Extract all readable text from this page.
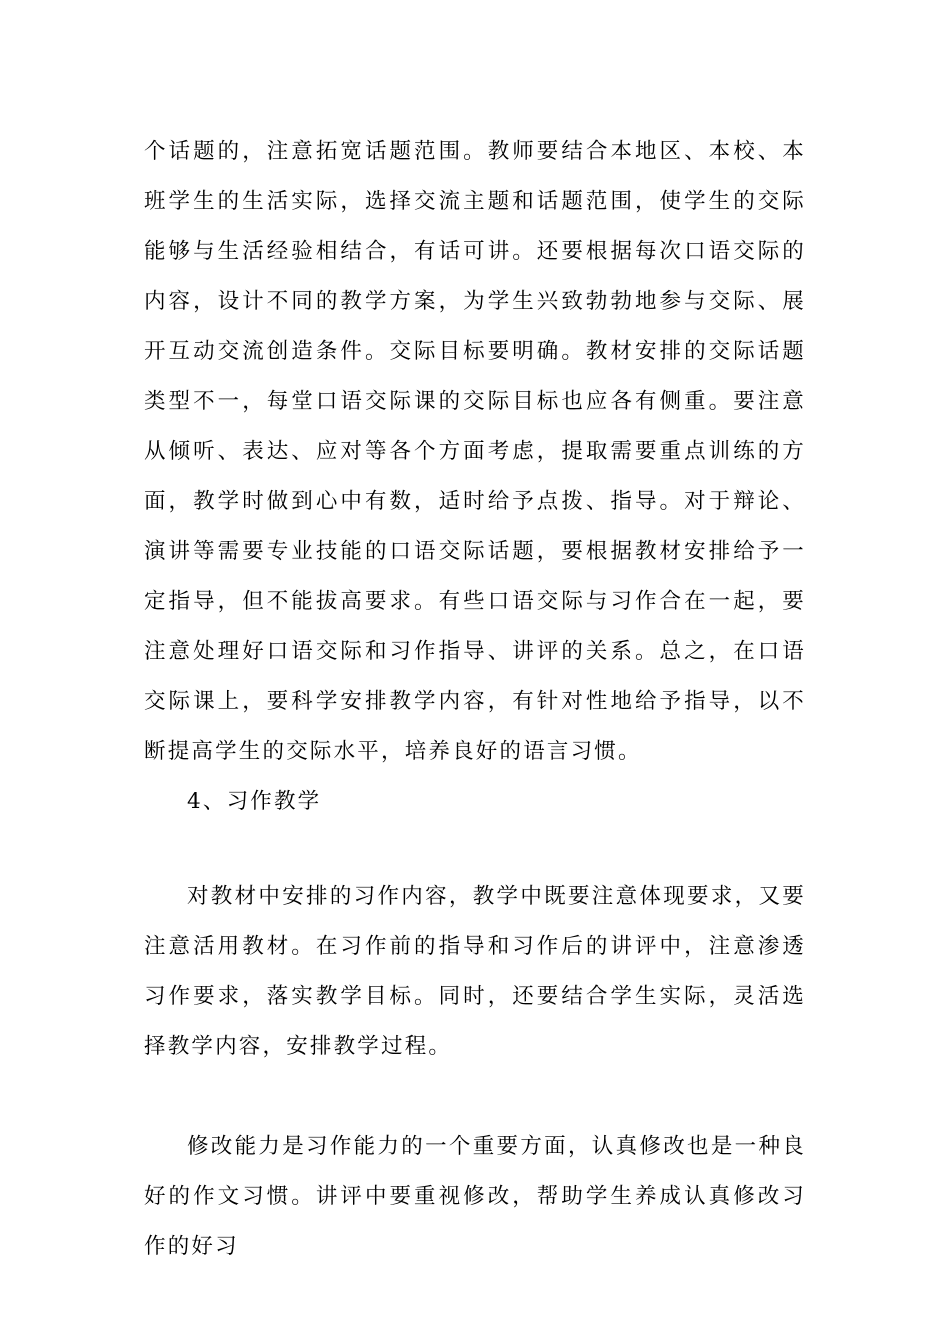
个话题的，注意拓宽话题范围。教师要结合本地区、本校、本班学生的生活实际，选择交流主题和话题范围，使学生的交际能够与生活经验相结合，有话可讲。还要根据每次口语交际的内容，设计不同的教学方案，为学生兴致勃勃地参与交际、展开互动交流创造条件。交际目标要明确。教材安排的交际话题类型不一，每堂口语交际课的交际目标也应各有侧重。要注意从倾听、表达、应对等各个方面考虑，提取需要重点训练的方面，教学时做到心中有数，适时给予点拨、指导。对于辩论、演讲等需要专业技能的口语交际话题，要根据教材安排给予一定指导，但不能拔高要求。有些口语交际与习作合在一起，要注意处理好口语交际和习作指导、讲评的关系。总之，在口语交际课上，要科学安排教学内容，有针对性地给予指导，以不断提高学生的交际水平，培养良好的语言习惯。

4、习作教学

对教材中安排的习作内容，教学中既要注意体现要求，又要注意活用教材。在习作前的指导和习作后的讲评中，注意渗透习作要求，落实教学目标。同时，还要结合学生实际，灵活选择教学内容，安排教学过程。

修改能力是习作能力的一个重要方面，认真修改也是一种良好的作文习惯。讲评中要重视修改，帮助学生养成认真修改习作的好习
